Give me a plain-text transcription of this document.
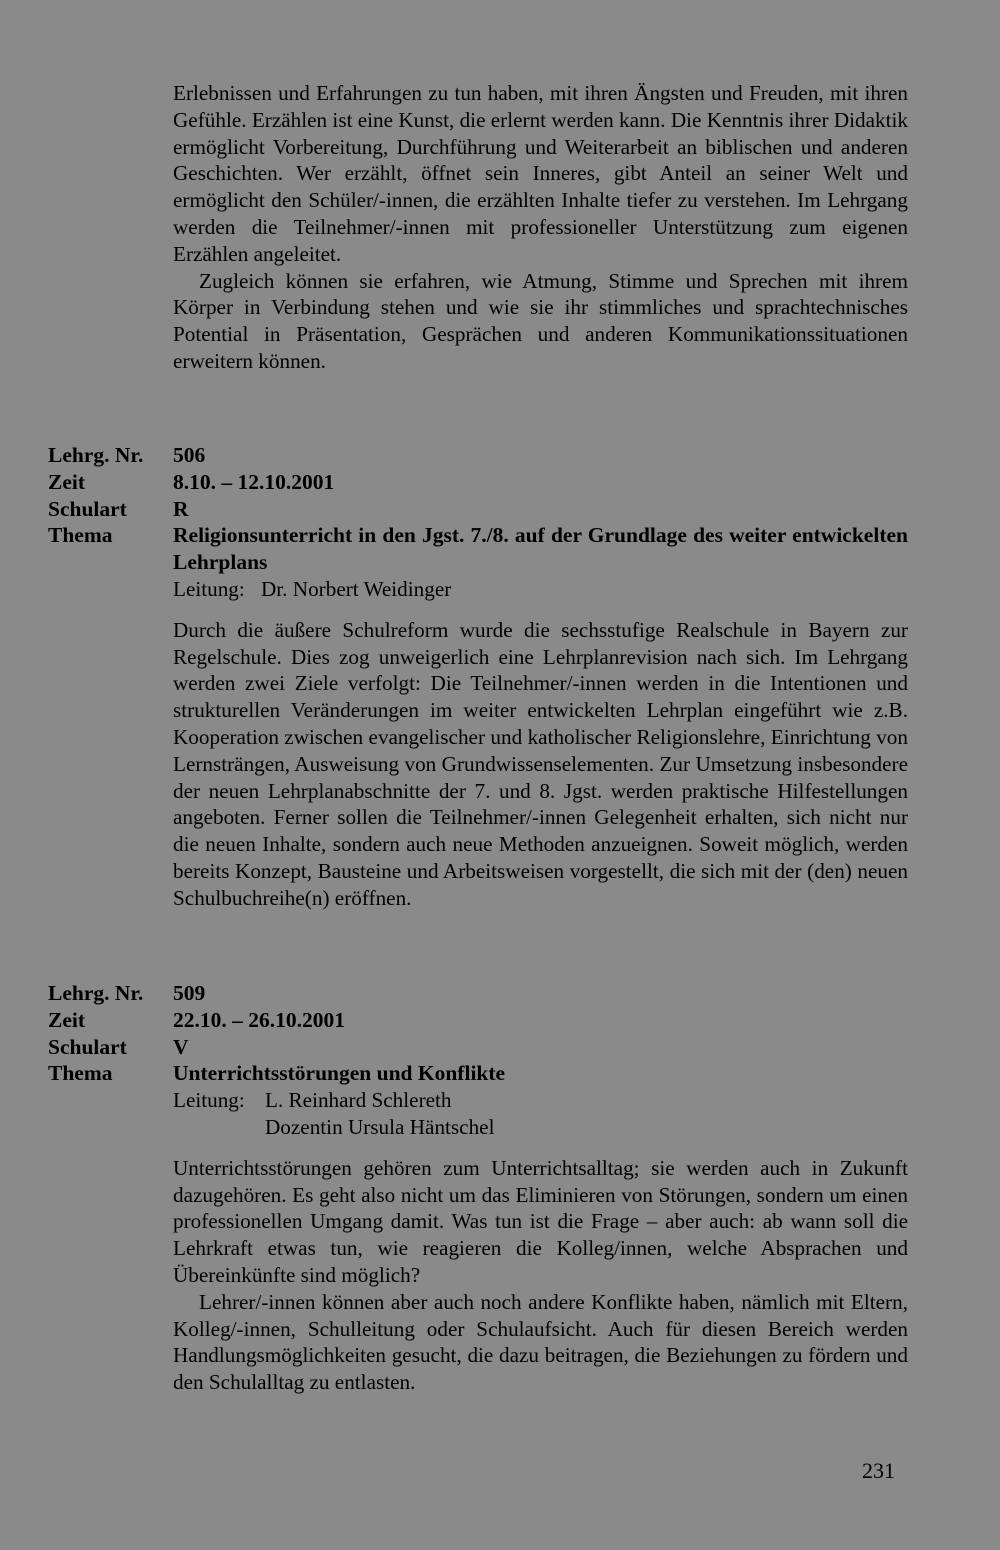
Erlebnissen und Erfahrungen zu tun haben, mit ihren Ängsten und Freuden, mit ihren Gefühle. Erzählen ist eine Kunst, die erlernt werden kann. Die Kenntnis ihrer Didaktik ermöglicht Vorbereitung, Durchführung und Weiterarbeit an biblischen und anderen Geschichten. Wer erzählt, öffnet sein Inneres, gibt Anteil an seiner Welt und ermöglicht den Schüler/-innen, die erzählten Inhalte tiefer zu verstehen. Im Lehrgang werden die Teilnehmer/-innen mit professioneller Unterstützung zum eigenen Erzählen angeleitet.

Zugleich können sie erfahren, wie Atmung, Stimme und Sprechen mit ihrem Körper in Verbindung stehen und wie sie ihr stimmliches und sprachtechnisches Potential in Präsentation, Gesprächen und anderen Kommunikationssituationen erweitern können.

Lehrg. Nr.	506
Zeit	8.10. – 12.10.2001
Schulart	R
Thema	Religionsunterricht in den Jgst. 7./8. auf der Grundlage des weiter entwickelten Lehrplans
Leitung: Dr. Norbert Weidinger

Durch die äußere Schulreform wurde die sechsstufige Realschule in Bayern zur Regelschule. Dies zog unweigerlich eine Lehrplanrevision nach sich. Im Lehrgang werden zwei Ziele verfolgt: Die Teilnehmer/-innen werden in die Intentionen und strukturellen Veränderungen im weiter entwickelten Lehrplan eingeführt wie z.B. Kooperation zwischen evangelischer und katholischer Religionslehre, Einrichtung von Lernsträngen, Ausweisung von Grundwissenselementen. Zur Umsetzung insbesondere der neuen Lehrplanabschnitte der 7. und 8. Jgst. werden praktische Hilfestellungen angeboten. Ferner sollen die Teilnehmer/-innen Gelegenheit erhalten, sich nicht nur die neuen Inhalte, sondern auch neue Methoden anzueignen. Soweit möglich, werden bereits Konzept, Bausteine und Arbeitsweisen vorgestellt, die sich mit der (den) neuen Schulbuchreihe(n) eröffnen.

Lehrg. Nr.	509
Zeit	22.10. – 26.10.2001
Schulart	V
Thema	Unterrichtsstörungen und Konflikte
Leitung: L. Reinhard Schlereth
Dozentin Ursula Häntschel

Unterrichtsstörungen gehören zum Unterrichtsalltag; sie werden auch in Zukunft dazugehören. Es geht also nicht um das Eliminieren von Störungen, sondern um einen professionellen Umgang damit. Was tun ist die Frage – aber auch: ab wann soll die Lehrkraft etwas tun, wie reagieren die Kolleg/innen, welche Absprachen und Übereinkünfte sind möglich?

Lehrer/-innen können aber auch noch andere Konflikte haben, nämlich mit Eltern, Kolleg/-innen, Schulleitung oder Schulaufsicht. Auch für diesen Bereich werden Handlungsmöglichkeiten gesucht, die dazu beitragen, die Beziehungen zu fördern und den Schulalltag zu entlasten.

231
